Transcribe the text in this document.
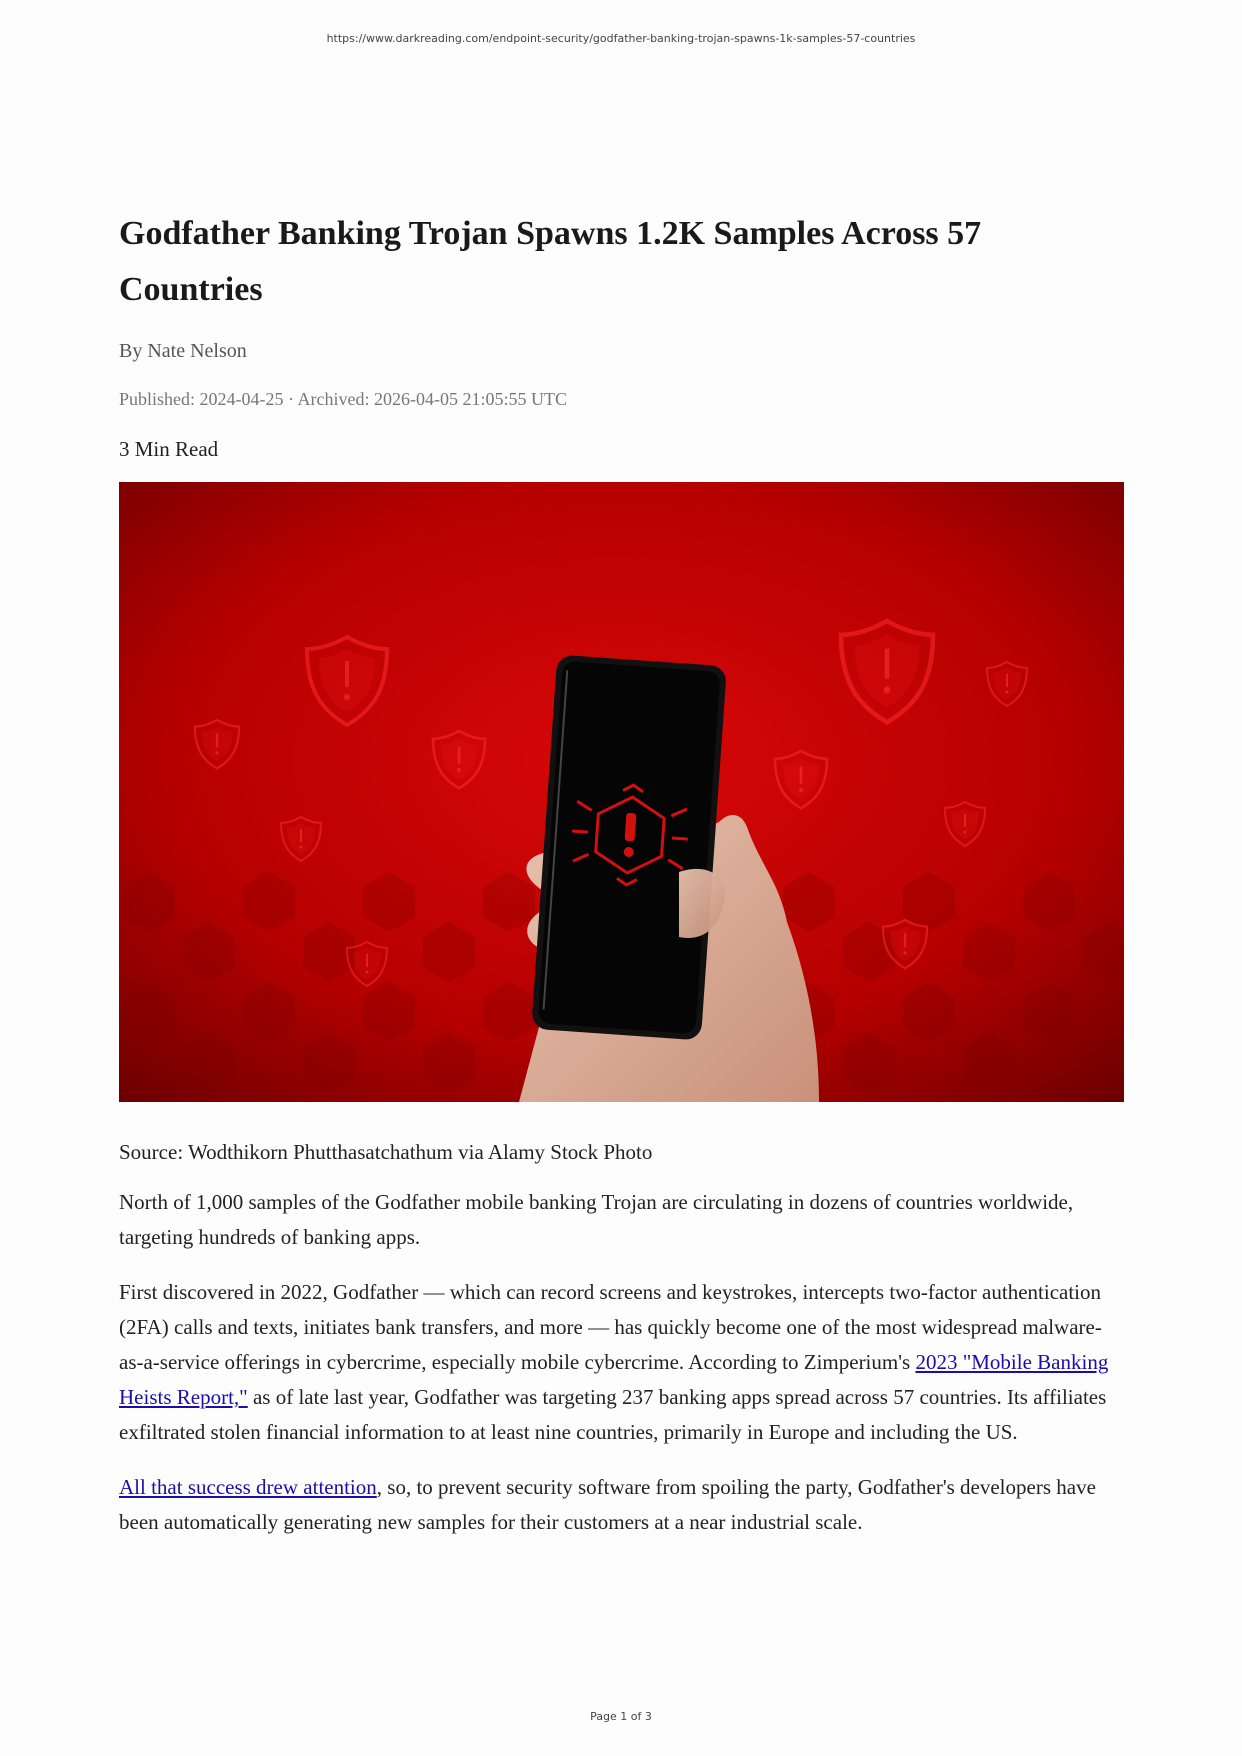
https://www.darkreading.com/endpoint-security/godfather-banking-trojan-spawns-1k-samples-57-countries
Godfather Banking Trojan Spawns 1.2K Samples Across 57 Countries
By Nate Nelson
Published: 2024-04-25 · Archived: 2026-04-05 21:05:55 UTC
3 Min Read
Source: Wodthikorn Phutthasatchathum via Alamy Stock Photo

North of 1,000 samples of the Godfather mobile banking Trojan are circulating in dozens of countries worldwide, targeting hundreds of banking apps.

First discovered in 2022, Godfather — which can record screens and keystrokes, intercepts two-factor authentication (2FA) calls and texts, initiates bank transfers, and more — has quickly become one of the most widespread malware-as-a-service offerings in cybercrime, especially mobile cybercrime. According to Zimperium's 2023 "Mobile Banking Heists Report," as of late last year, Godfather was targeting 237 banking apps spread across 57 countries. Its affiliates exfiltrated stolen financial information to at least nine countries, primarily in Europe and including the US.

All that success drew attention, so, to prevent security software from spoiling the party, Godfather's developers have been automatically generating new samples for their customers at a near industrial scale.

Page 1 of 3
